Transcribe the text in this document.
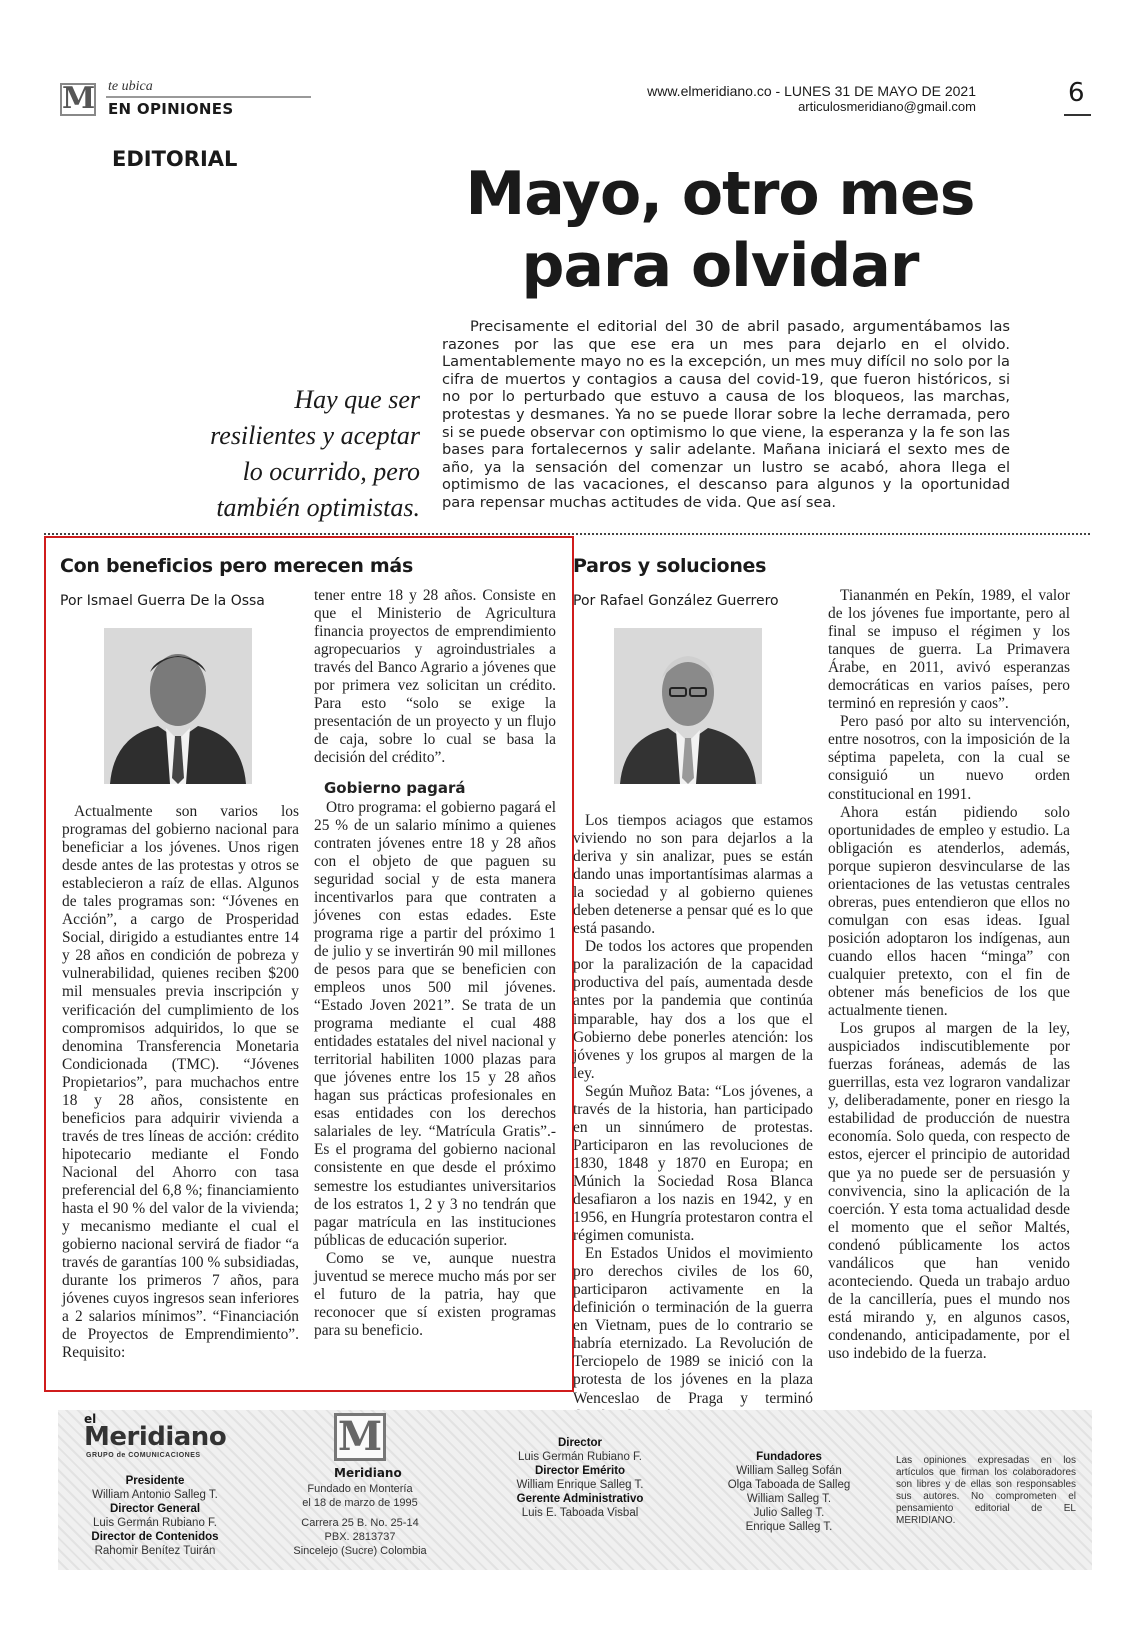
M te ubica
EN OPINIONES
www.elmeridiano.co - LUNES 31 DE MAYO DE 2021
articulosmeridiano@gmail.com	6
EDITORIAL	Mayo, otro mes
para olvidar
Hay que ser
resilientes y aceptar
lo ocurrido, pero
también optimistas.
Precisamente el editorial del 30 de abril pasado, argumentábamos las razones por las que ese era un mes para dejarlo en el olvido. Lamentablemente mayo no es la excepción, un mes muy difícil no solo por la cifra de muertos y contagios a causa del covid-19, que fueron históricos, si no por lo perturbado que estuvo a causa de los bloqueos, las marchas, protestas y desmanes. Ya no se puede llorar sobre la leche derramada, pero si se puede observar con optimismo lo que viene, la esperanza y la fe son las bases para fortalecernos y salir adelante. Mañana iniciará el sexto mes de año, ya la sensación del comenzar un lustro se acabó, ahora llega el optimismo de las vacaciones, el descanso para algunos y la oportunidad para repensar muchas actitudes de vida. Que así sea.
Con beneficios pero merecen más
Por Ismael Guerra De la Ossa

Actualmente son varios los programas del gobierno nacional para beneficiar a los jóvenes. Unos rigen desde antes de las protestas y otros se establecieron a raíz de ellas. Algunos de tales programas son: “Jóvenes en Acción”, a cargo de Prosperidad Social, dirigido a estudiantes entre 14 y 28 años en condición de pobreza y vulnerabilidad, quienes reciben $200 mil mensuales previa inscripción y verificación del cumplimiento de los compromisos adquiridos, lo que se denomina Transferencia Monetaria Condicionada (TMC). “Jóvenes Propietarios”, para muchachos entre 18 y 28 años, consistente en beneficios para adquirir vivienda a través de tres líneas de acción: crédito hipotecario mediante el Fondo Nacional del Ahorro con tasa preferencial del 6,8 %; financiamiento hasta el 90 % del valor de la vivienda; y mecanismo mediante el cual el gobierno nacional servirá de fiador “a través de garantías 100 % subsidiadas, durante los primeros 7 años, para jóvenes cuyos ingresos sean inferiores a 2 salarios mínimos”. “Financiación de Proyectos de Emprendimiento”. Requisito:

tener entre 18 y 28 años. Consiste en que el Ministerio de Agricultura financia proyectos de emprendimiento agropecuarios y agroindustriales a través del Banco Agrario a jóvenes que por primera vez solicitan un crédito. Para esto “solo se exige la presentación de un proyecto y un flujo de caja, sobre lo cual se basa la decisión del crédito”.

Gobierno pagará

Otro programa: el gobierno pagará el 25 % de un salario mínimo a quienes contraten jóvenes entre 18 y 28 años con el objeto de que paguen su seguridad social y de esta manera incentivarlos para que contraten a jóvenes con estas edades. Este programa rige a partir del próximo 1 de julio y se invertirán 90 mil millones de pesos para que se beneficien con empleos unos 500 mil jóvenes. “Estado Joven 2021”. Se trata de un programa mediante el cual 488 entidades estatales del nivel nacional y territorial habiliten 1000 plazas para que jóvenes entre los 15 y 28 años hagan sus prácticas profesionales en esas entidades con los derechos salariales de ley. “Matrícula Gratis”.- Es el programa del gobierno nacional consistente en que desde el próximo semestre los estudiantes universitarios de los estratos 1, 2 y 3 no tendrán que pagar matrícula en las instituciones públicas de educación superior.

Como se ve, aunque nuestra juventud se merece mucho más por ser el futuro de la patria, hay que reconocer que sí existen programas para su beneficio.

Paros y soluciones
Por Rafael González Guerrero

Los tiempos aciagos que estamos viviendo no son para dejarlos a la deriva y sin analizar, pues se están dando unas importantísimas alarmas a la sociedad y al gobierno quienes deben detenerse a pensar qué es lo que está pasando.

De todos los actores que propenden por la paralización de la capacidad productiva del país, aumentada desde antes por la pandemia que continúa imparable, hay dos a los que el Gobierno debe ponerles atención: los jóvenes y los grupos al margen de la ley.

Según Muñoz Bata: “Los jóvenes, a través de la historia, han participado en un sinnúmero de protestas. Participaron en las revoluciones de 1830, 1848 y 1870 en Europa; en Múnich la Sociedad Rosa Blanca desafiaron a los nazis en 1942, y en 1956, en Hungría protestaron contra el régimen comunista.

En Estados Unidos el movimiento pro derechos civiles de los 60, participaron activamente en la definición o terminación de la guerra en Vietnam, pues de lo contrario se habría eternizado. La Revolución de Terciopelo de 1989 se inició con la protesta de los jóvenes en la plaza Wenceslao de Praga y terminó

Tiananmén en Pekín, 1989, el valor de los jóvenes fue importante, pero al final se impuso el régimen y los tanques de guerra. La Primavera Árabe, en 2011, avivó esperanzas democráticas en varios países, pero terminó en represión y caos”.

Pero pasó por alto su intervención, entre nosotros, con la imposición de la séptima papeleta, con la cual se consiguió un nuevo orden constitucional en 1991.

Ahora están pidiendo solo oportunidades de empleo y estudio. La obligación es atenderlos, además, porque supieron desvincularse de las orientaciones de las vetustas centrales obreras, pues entendieron que ellos no comulgan con esas ideas. Igual posición adoptaron los indígenas, aun cuando ellos hacen “minga” con cualquier pretexto, con el fin de obtener más beneficios de los que actualmente tienen.

Los grupos al margen de la ley, auspiciados indiscutiblemente por fuerzas foráneas, además de las guerrillas, esta vez lograron vandalizar y, deliberadamente, poner en riesgo la estabilidad de producción de nuestra economía. Solo queda, con respecto de estos, ejercer el principio de autoridad que ya no puede ser de persuasión y convivencia, sino la aplicación de la coerción. Y esta toma actualidad desde el momento que el señor Maltés, condenó públicamente los actos vandálicos que han venido aconteciendo. Queda un trabajo arduo de la cancillería, pues el mundo nos está mirando y, en algunos casos, condenando, anticipadamente, por el uso indebido de la fuerza.

el
Meridiano
GRUPO de COMUNICACIONES
Presidente
William Antonio Salleg T.
Director General
Luis Germán Rubiano F.
Director de Contenidos
Rahomir Benítez Tuirán
M
Meridiano
Fundado en Montería
el 18 de marzo de 1995
Carrera 25 B. No. 25-14
PBX. 2813737
Sincelejo (Sucre) Colombia
Director
Luis Germán Rubiano F.
Director Emérito
William Enrique Salleg T.
Gerente Administrativo
Luis E. Taboada Visbal
Fundadores
William Salleg Sofán
Olga Taboada de Salleg
William Salleg T.
Julio Salleg T.
Enrique Salleg T.
Las opiniones expresadas en los artículos que firman los colaboradores son libres y de ellas son responsables sus autores. No comprometen el pensamiento editorial de EL MERIDIANO.
